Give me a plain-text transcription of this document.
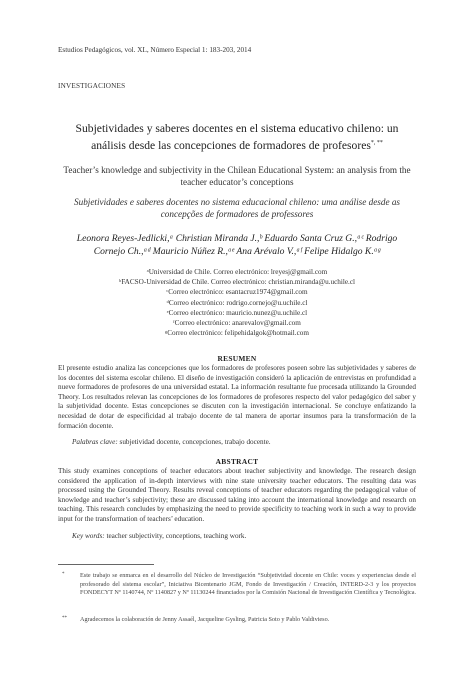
Estudios Pedagógicos, vol. XL, Número Especial 1: 183-203, 2014
INVESTIGACIONES
Subjetividades y saberes docentes en el sistema educativo chileno: un análisis desde las concepciones de formadores de profesores*, **
Teacher’s knowledge and subjectivity in the Chilean Educational System: an analysis from the teacher educator’s conceptions
Subjetividades e saberes docentes no sistema educacional chileno: uma análise desde as concepções de formadores de professores
Leonora Reyes-Jedlicki,ᵃ Christian Miranda J.,ᵇ Eduardo Santa Cruz G.,ᵃᶜ Rodrigo
Cornejo Ch.,ᵃᵈ Mauricio Núñez R.,ᵃᵉ Ana Arévalo V.,ᵃᶠ Felipe Hidalgo K.ᵃᵍ
ᵃUniversidad de Chile. Correo electrónico: lreyesj@gmail.com
ᵇFACSO-Universidad de Chile. Correo electrónico: christian.miranda@u.uchile.cl
ᶜCorreo electrónico: esantacruz1974@gmail.com
ᵈCorreo electrónico: rodrigo.cornejo@u.uchile.cl
ᵉCorreo electrónico: mauricio.nunez@u.uchile.cl
ᶠCorreo electrónico: anarevalov@gmail.com
ᵍCorreo electrónico: felipehidalgok@hotmail.com
RESUMEN
El presente estudio analiza las concepciones que los formadores de profesores poseen sobre las subjetividades y saberes de los docentes del sistema escolar chileno. El diseño de investigación consideró la aplicación de entrevistas en profundidad a nueve formadores de profesores de una universidad estatal. La información resultante fue procesada utilizando la Grounded Theory. Los resultados relevan las concepciones de los formadores de profesores respecto del valor pedagógico del saber y la subjetividad docente. Estas concepciones se discuten con la investigación internacional. Se concluye enfatizando la necesidad de dotar de especificidad al trabajo docente de tal manera de aportar insumos para la transformación de la formación docente.
Palabras clave: subjetividad docente, concepciones, trabajo docente.
ABSTRACT
This study examines conceptions of teacher educators about teacher subjectivity and knowledge. The research design considered the application of in-depth interviews with nine state university teacher educators. The resulting data was processed using the Grounded Theory. Results reveal conceptions of teacher educators regarding the pedagogical value of knowledge and teacher’s subjectivity; these are discussed taking into account the international knowledge and research on teaching. This research concludes by emphasizing the need to provide specificity to teaching work in such a way to provide input for the transformation of teachers’ education.
Key words: teacher subjectivity, conceptions, teaching work.
*	Este trabajo se enmarca en el desarrollo del Núcleo de Investigación “Subjetividad docente en Chile: voces y experiencias desde el profesorado del sistema escolar”, Iniciativa Bicentenario JGM, Fondo de Investigación / Creación, INTERD-2-3 y los proyectos FONDECYT Nº 1140744, Nº 1140827 y Nº 11130244 financiados por la Comisión Nacional de Investigación Científica y Tecnológica.
**	Agradecemos la colaboración de Jenny Assaél, Jacqueline Gysling, Patricia Soto y Pablo Valdivieso.
